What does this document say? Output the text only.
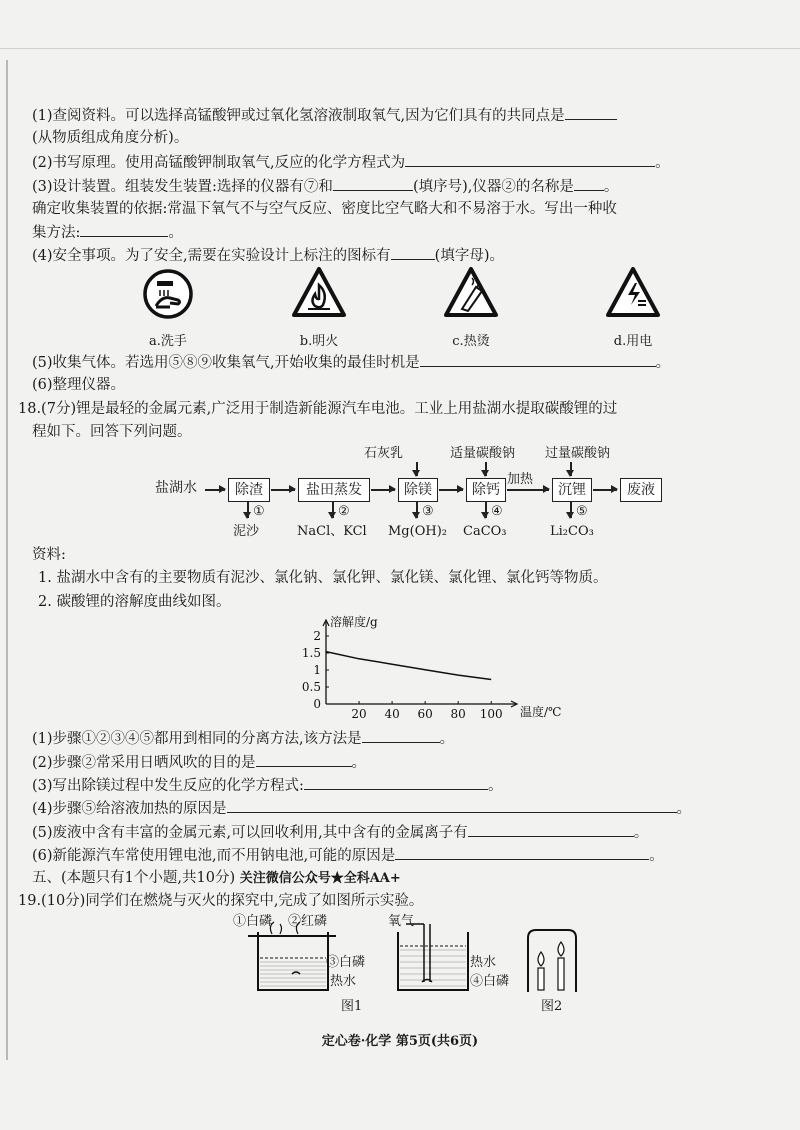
(1)查阅资料。可以选择高锰酸钾或过氧化氢溶液制取氧气,因为它们具有的共同点是
(从物质组成角度分析)。
(2)书写原理。使用高锰酸钾制取氧气,反应的化学方程式为	。
(3)设计装置。组装发生装置:选择的仪器有⑦和	(填序号),仪器②的名称是 。
确定收集装置的依据:常温下氧气不与空气反应、密度比空气略大和不易溶于水。写出一种收
集方法:	。
(4)安全事项。为了安全,需要在实验设计上标注的图标有	(填字母)。
a.洗手	b.明火	c.热烫	d.用电
(5)收集气体。若选用⑤⑧⑨收集氧气,开始收集的最佳时机是	。
(6)整理仪器。
18.(7分)锂是最轻的金属元素,广泛用于制造新能源汽车电池。工业上用盐湖水提取碳酸锂的过
程如下。回答下列问题。
石灰乳	适量碳酸钠 过量碳酸钠
盐湖水	除渣	盐田蒸发	除镁	除钙
加热
沉锂	废液
①	②	③	④	⑤
泥沙	NaCl、KCl Mg(OH)₂ CaCO₃	Li₂CO₃
资料:
1. 盐湖水中含有的主要物质有泥沙、氯化钠、氯化钾、氯化镁、氯化锂、氯化钙等物质。
2. 碳酸锂的溶解度曲线如图。
0
0.5
1
1.5
2
20 40 60 80 100
溶解度/g
温度/℃
(1)步骤①②③④⑤都用到相同的分离方法,该方法是	。
(2)步骤②常采用日晒风吹的目的是	。
(3)写出除镁过程中发生反应的化学方程式:	。
(4)步骤⑤给溶液加热的原因是	。
(5)废液中含有丰富的金属元素,可以回收利用,其中含有的金属离子有	。
(6)新能源汽车常使用锂电池,而不用钠电池,可能的原因是	。
五、(本题只有1个小题,共10分) 关注微信公众号★全科AA+
19.(10分)同学们在燃烧与灭火的探究中,完成了如图所示实验。
①白磷 ②红磷
③白磷
热水
氧气
热水
④白磷
图1	图2
定心卷·化学 第5页(共6页)
